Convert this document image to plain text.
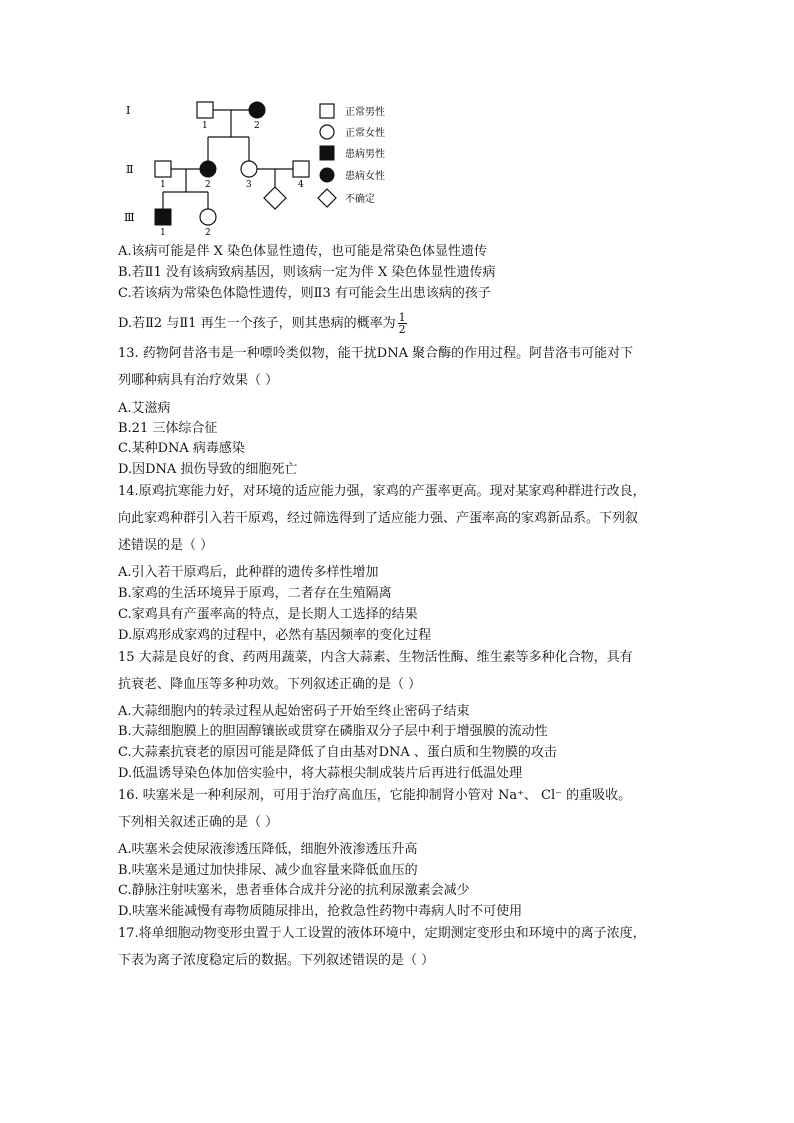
Ⅰ
Ⅱ
Ⅲ
1	2
1	2	3	4
1	2
正常男性
正常女性
患病男性
患病女性
不确定
A.该病可能是伴 X 染色体显性遗传，也可能是常染色体显性遗传
B.若Ⅱ1 没有该病致病基因，则该病一定为伴 X 染色体显性遗传病
C.若该病为常染色体隐性遗传，则Ⅱ3 有可能会生出患该病的孩子
D.若Ⅱ2 与Ⅱ1 再生一个孩子，则其患病的概率为 $\frac{1}{2}$
13. 药物阿昔洛韦是一种嘌呤类似物，能干扰DNA 聚合酶的作用过程。阿昔洛韦可能对下
列哪种病具有治疗效果（ ）
A.艾滋病
B.21 三体综合征
C.某种DNA 病毒感染
D.因DNA 损伤导致的细胞死亡
14.原鸡抗寒能力好，对环境的适应能力强，家鸡的产蛋率更高。现对某家鸡种群进行改良，
向此家鸡种群引入若干原鸡，经过筛选得到了适应能力强、产蛋率高的家鸡新品系。下列叙
述错误的是（ ）
A.引入若干原鸡后，此种群的遗传多样性增加
B.家鸡的生活环境异于原鸡，二者存在生殖隔离
C.家鸡具有产蛋率高的特点，是长期人工选择的结果
D.原鸡形成家鸡的过程中，必然有基因频率的变化过程
15 大蒜是良好的食、药两用蔬菜，内含大蒜素、生物活性酶、维生素等多种化合物，具有
抗衰老、降血压等多种功效。下列叙述正确的是（ ）
A.大蒜细胞内的转录过程从起始密码子开始至终止密码子结束
B.大蒜细胞膜上的胆固醇镶嵌或贯穿在磷脂双分子层中利于增强膜的流动性
C.大蒜素抗衰老的原因可能是降低了自由基对DNA 、蛋白质和生物膜的攻击
D.低温诱导染色体加倍实验中，将大蒜根尖制成装片后再进行低温处理
16. 呋塞米是一种利尿剂，可用于治疗高血压，它能抑制肾小管对 Na⁺、 Cl⁻ 的重吸收。
下列相关叙述正确的是（ ）
A.呋塞米会使尿液渗透压降低，细胞外液渗透压升高
B.呋塞米是通过加快排尿、减少血容量来降低血压的
C.静脉注射呋塞米，患者垂体合成并分泌的抗利尿激素会减少
D.呋塞米能减慢有毒物质随尿排出，抢救急性药物中毒病人时不可使用
17.将单细胞动物变形虫置于人工设置的液体环境中，定期测定变形虫和环境中的离子浓度，
下表为离子浓度稳定后的数据。下列叙述错误的是（ ）
